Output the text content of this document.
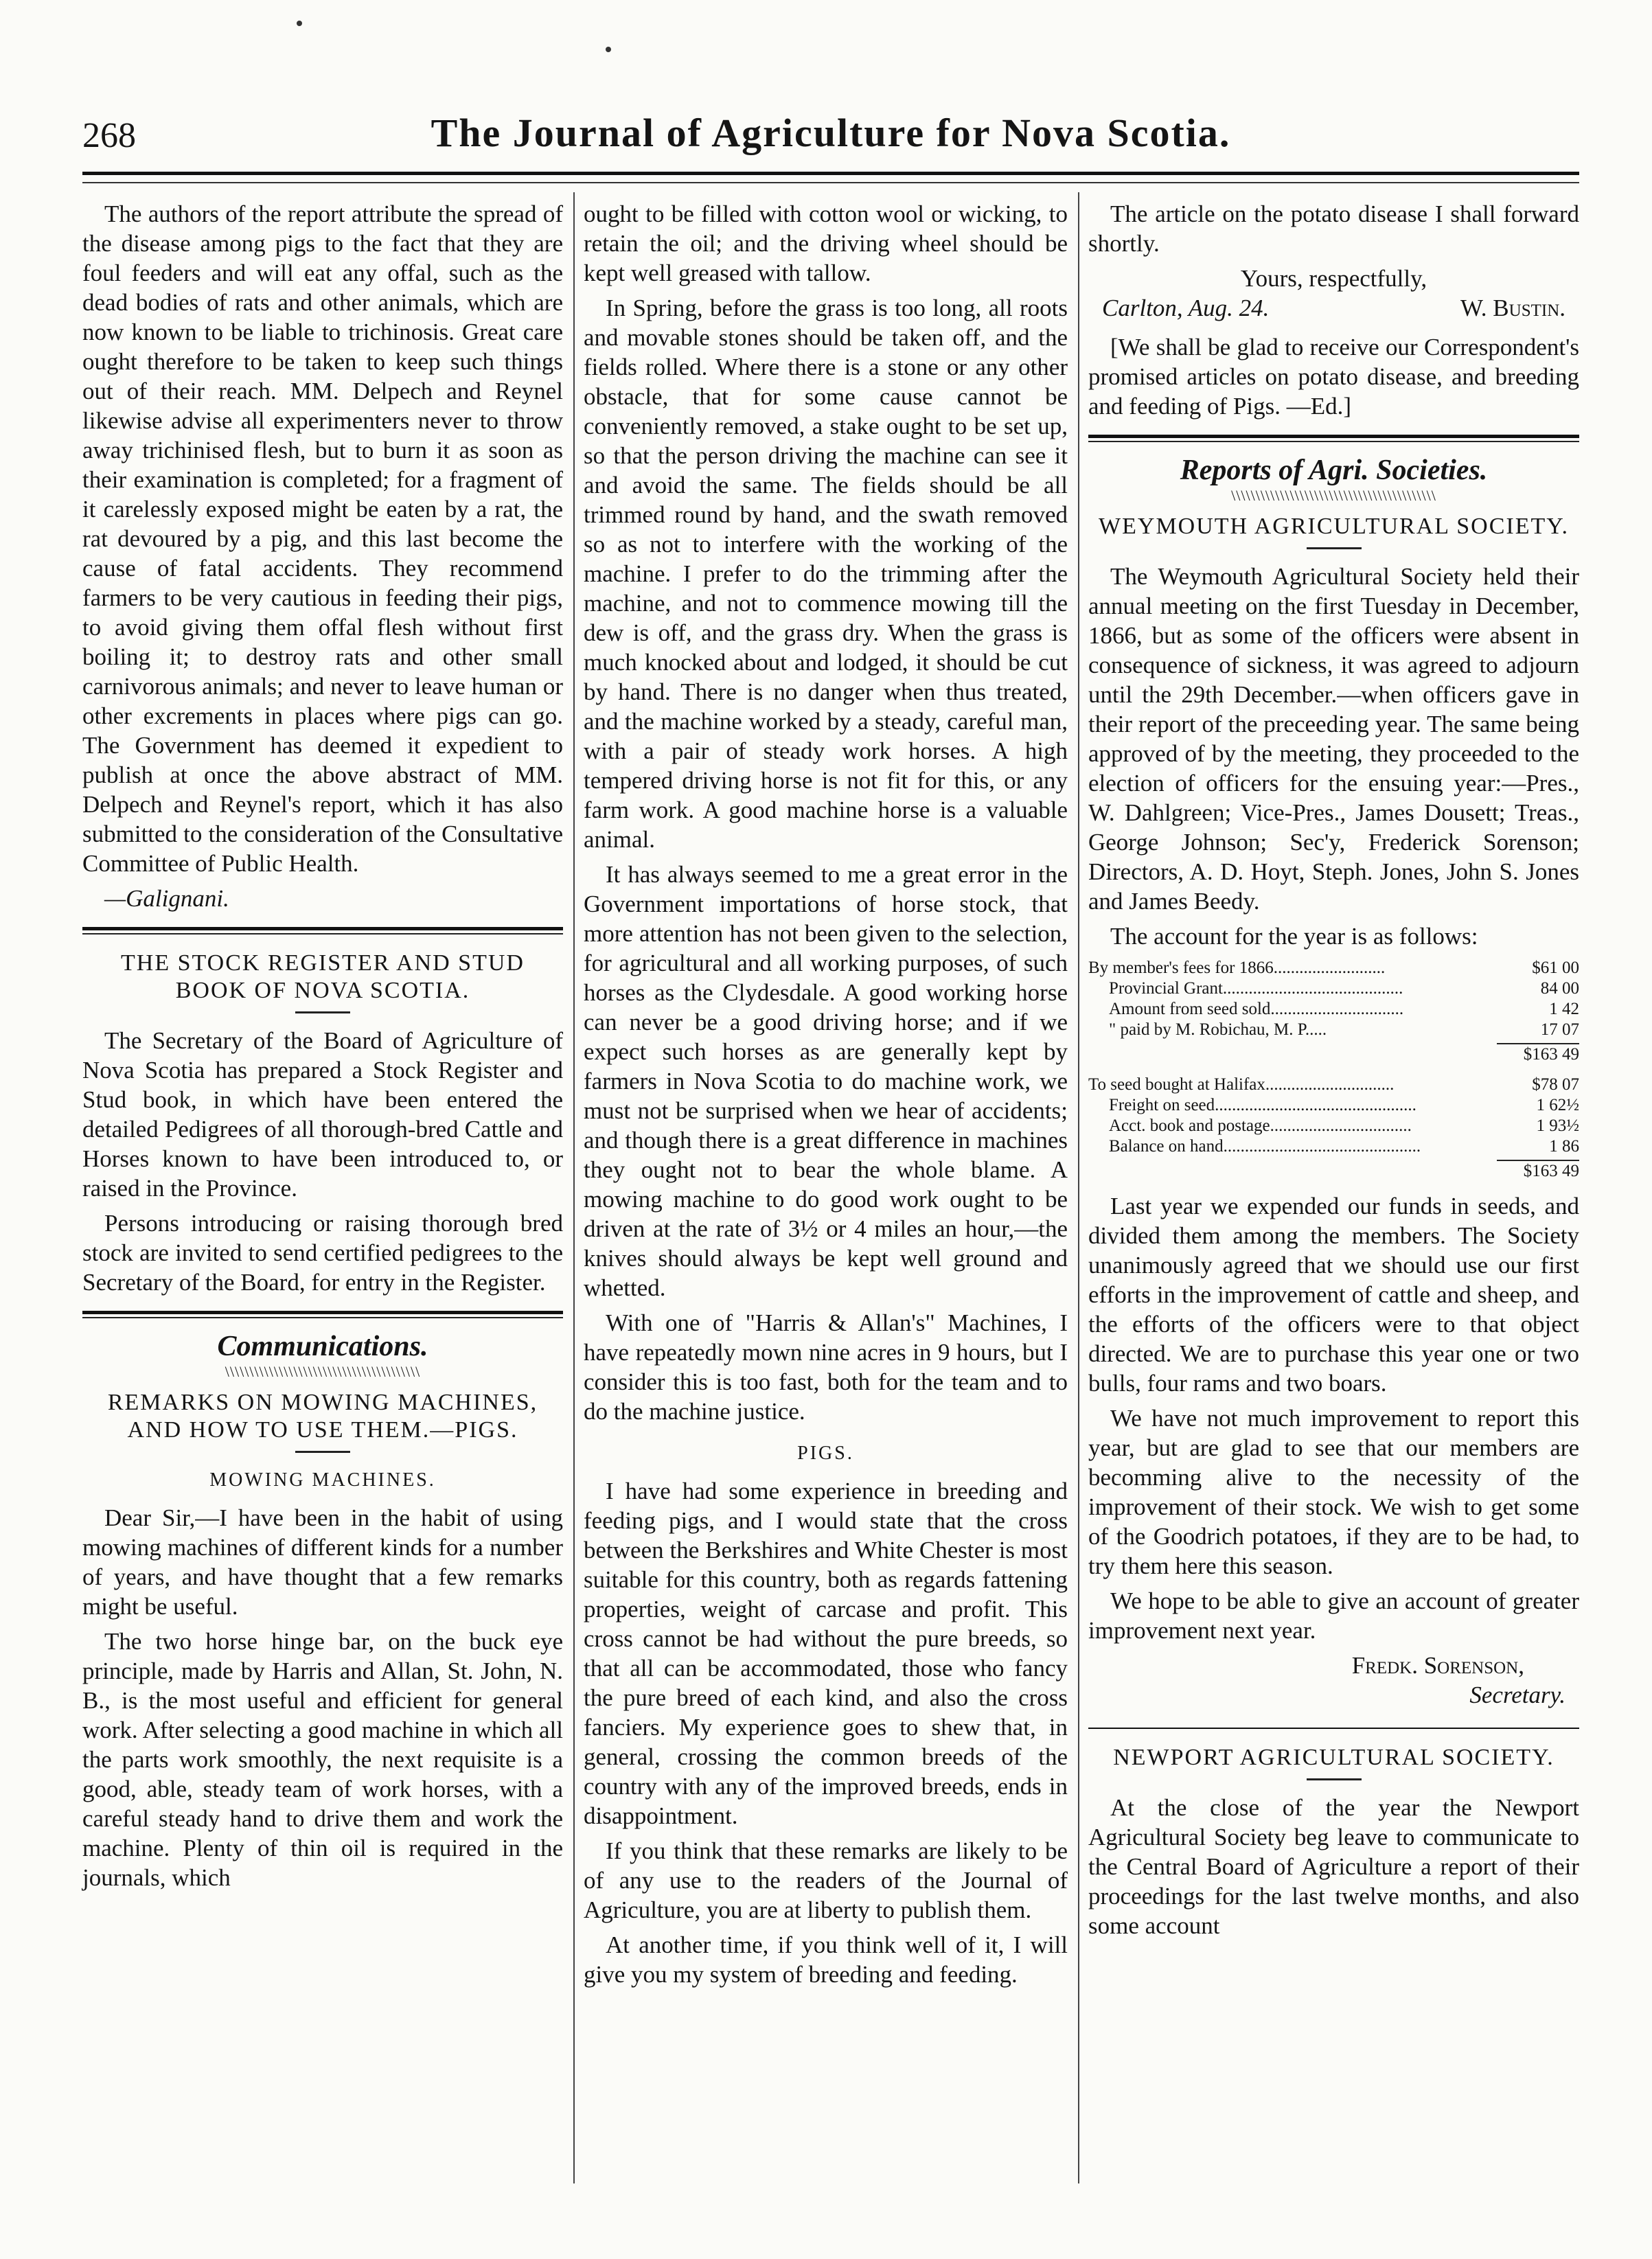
268	The Journal of Agriculture for Nova Scotia.

The authors of the report attribute the spread of the disease among pigs to the fact that they are foul feeders and will eat any offal, such as the dead bodies of rats and other animals, which are now known to be liable to trichinosis. Great care ought therefore to be taken to keep such things out of their reach. MM. Delpech and Reynel likewise advise all experimenters never to throw away trichinised flesh, but to burn it as soon as their examination is completed; for a fragment of it carelessly exposed might be eaten by a rat, the rat devoured by a pig, and this last become the cause of fatal accidents. They recommend farmers to be very cautious in feeding their pigs, to avoid giving them offal flesh without first boiling it; to destroy rats and other small carnivorous animals; and never to leave human or other excrements in places where pigs can go. The Government has deemed it expedient to publish at once the above abstract of MM. Delpech and Reynel's report, which it has also submitted to the consideration of the Consultative Committee of Public Health.

—Galignani.

THE STOCK REGISTER AND STUD BOOK OF NOVA SCOTIA.

The Secretary of the Board of Agriculture of Nova Scotia has prepared a Stock Register and Stud book, in which have been entered the detailed Pedigrees of all thorough-bred Cattle and Horses known to have been introduced to, or raised in the Province.

Persons introducing or raising thorough bred stock are invited to send certified pedigrees to the Secretary of the Board, for entry in the Register.

Communications.
\\\\\\\\\\\\\\\\\\\\\\\\\\\\\\\\\\\\\\\\
REMARKS ON MOWING MACHINES, AND HOW TO USE THEM.—PIGS.
MOWING MACHINES.

Dear Sir,—I have been in the habit of using mowing machines of different kinds for a number of years, and have thought that a few remarks might be useful.

The two horse hinge bar, on the buck eye principle, made by Harris and Allan, St. John, N. B., is the most useful and efficient for general work. After selecting a good machine in which all the parts work smoothly, the next requisite is a good, able, steady team of work horses, with a careful steady hand to drive them and work the machine. Plenty of thin oil is required in the journals, which

ought to be filled with cotton wool or wicking, to retain the oil; and the driving wheel should be kept well greased with tallow.

In Spring, before the grass is too long, all roots and movable stones should be taken off, and the fields rolled. Where there is a stone or any other obstacle, that for some cause cannot be conveniently removed, a stake ought to be set up, so that the person driving the machine can see it and avoid the same. The fields should be all trimmed round by hand, and the swath removed so as not to interfere with the working of the machine. I prefer to do the trimming after the machine, and not to commence mowing till the dew is off, and the grass dry. When the grass is much knocked about and lodged, it should be cut by hand. There is no danger when thus treated, and the machine worked by a steady, careful man, with a pair of steady work horses. A high tempered driving horse is not fit for this, or any farm work. A good machine horse is a valuable animal.

It has always seemed to me a great error in the Government importations of horse stock, that more attention has not been given to the selection, for agricultural and all working purposes, of such horses as the Clydesdale. A good working horse can never be a good driving horse; and if we expect such horses as are generally kept by farmers in Nova Scotia to do machine work, we must not be surprised when we hear of accidents; and though there is a great difference in machines they ought not to bear the whole blame. A mowing machine to do good work ought to be driven at the rate of 3½ or 4 miles an hour,—the knives should always be kept well ground and whetted.

With one of "Harris & Allan's" Machines, I have repeatedly mown nine acres in 9 hours, but I consider this is too fast, both for the team and to do the machine justice.

PIGS.

I have had some experience in breeding and feeding pigs, and I would state that the cross between the Berkshires and White Chester is most suitable for this country, both as regards fattening properties, weight of carcase and profit. This cross cannot be had without the pure breeds, so that all can be accommodated, those who fancy the pure breed of each kind, and also the cross fanciers. My experience goes to shew that, in general, crossing the common breeds of the country with any of the improved breeds, ends in disappointment.

If you think that these remarks are likely to be of any use to the readers of the Journal of Agriculture, you are at liberty to publish them.

At another time, if you think well of it, I will give you my system of breeding and feeding.

The article on the potato disease I shall forward shortly.

Yours, respectfully,
Carlton, Aug. 24.	W. Bustin.

[We shall be glad to receive our Correspondent's promised articles on potato disease, and breeding and feeding of Pigs. —Ed.]

Reports of Agri. Societies.
\\\\\\\\\\\\\\\\\\\\\\\\\\\\\\\\\\\\\\\\\\
WEYMOUTH AGRICULTURAL SOCIETY.

The Weymouth Agricultural Society held their annual meeting on the first Tuesday in December, 1866, but as some of the officers were absent in consequence of sickness, it was agreed to adjourn until the 29th December.—when officers gave in their report of the preceeding year. The same being approved of by the meeting, they proceeded to the election of officers for the ensuing year:—Pres., W. Dahlgreen; Vice-Pres., James Dousett; Treas., George Johnson; Sec'y, Frederick Sorenson; Directors, A. D. Hoyt, Steph. Jones, John S. Jones and James Beedy.

The account for the year is as follows:

By member's fees for 1866..........................	$61 00
Provincial Grant..........................................	84 00
Amount from seed sold...............................	1 42
" paid by M. Robichau, M. P.....	17 07
$163 49
To seed bought at Halifax..............................	$78 07
Freight on seed...............................................	1 62½
Acct. book and postage.................................	1 93½
Balance on hand..............................................	1 86
$163 49

Last year we expended our funds in seeds, and divided them among the members. The Society unanimously agreed that we should use our first efforts in the improvement of cattle and sheep, and the efforts of the officers were to that object directed. We are to purchase this year one or two bulls, four rams and two boars.

We have not much improvement to report this year, but are glad to see that our members are becomming alive to the necessity of the improvement of their stock. We wish to get some of the Goodrich potatoes, if they are to be had, to try them here this season.

We hope to be able to give an account of greater improvement next year.

Fredk. Sorenson,
Secretary.
NEWPORT AGRICULTURAL SOCIETY.

At the close of the year the Newport Agricultural Society beg leave to communicate to the Central Board of Agriculture a report of their proceedings for the last twelve months, and also some account
